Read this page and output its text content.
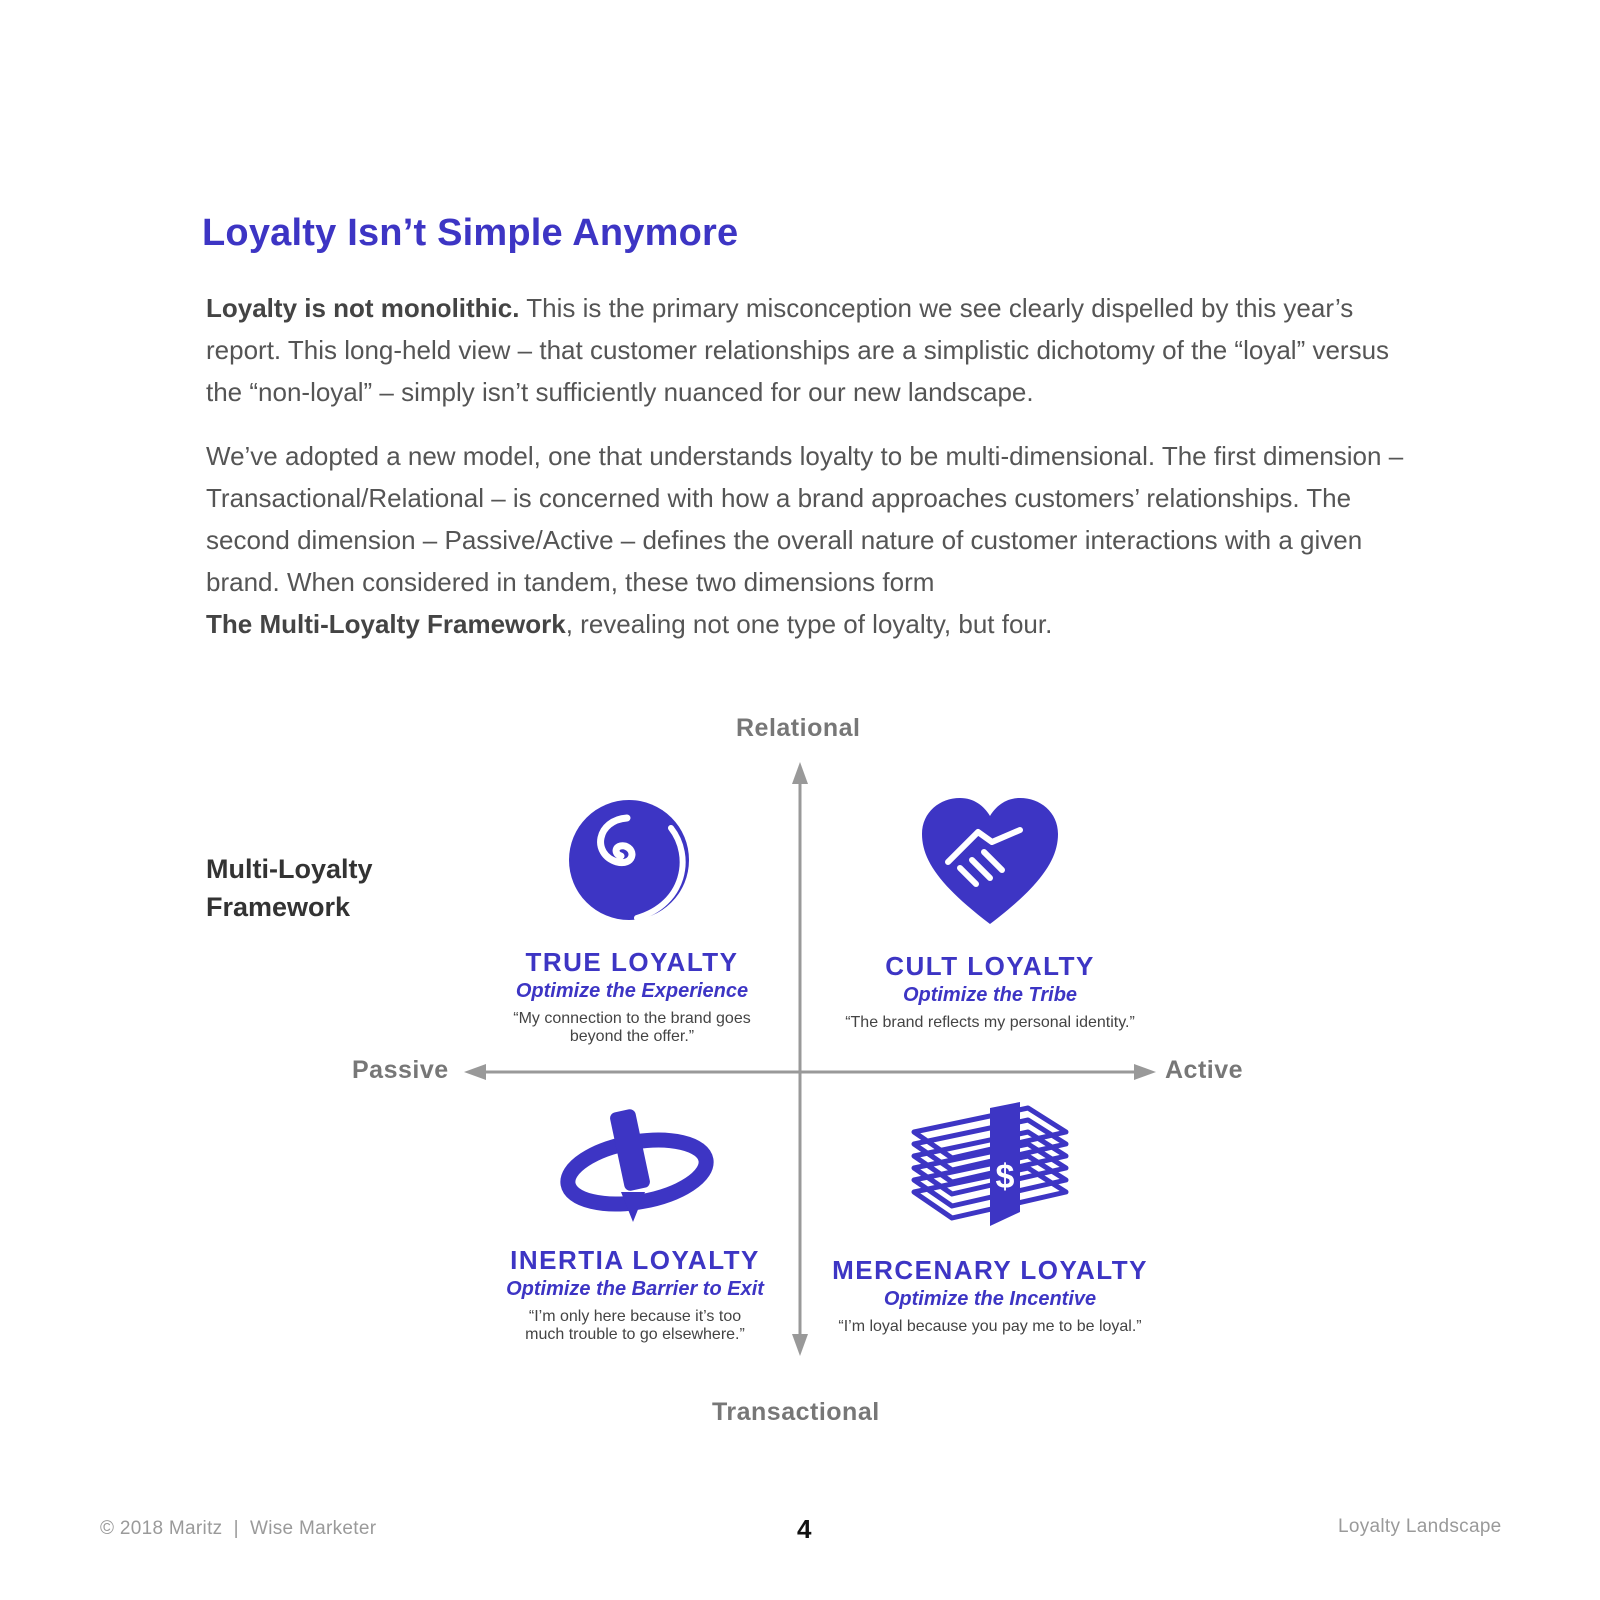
Loyalty Isn’t Simple Anymore
Loyalty is not monolithic. This is the primary misconception we see clearly dispelled by this year’s report. This long-held view – that customer relationships are a simplistic dichotomy of the “loyal” versus the “non-loyal” – simply isn’t sufficiently nuanced for our new landscape.
We’ve adopted a new model, one that understands loyalty to be multi-dimensional. The first dimension – Transactional/Relational – is concerned with how a brand approaches customers’ relationships. The second dimension – Passive/Active – defines the overall nature of customer interactions with a given brand. When considered in tandem, these two dimensions form
The Multi-Loyalty Framework, revealing not one type of loyalty, but four.
Multi-Loyalty
Framework
Relational
Transactional
Passive	Active
TRUE LOYALTY
Optimize the Experience
“My connection to the brand goes
beyond the offer.”
CULT LOYALTY
Optimize the Tribe
“The brand reflects my personal identity.”
INERTIA LOYALTY
Optimize the Barrier to Exit
“I’m only here because it’s too
much trouble to go elsewhere.”
$
MERCENARY LOYALTY
Optimize the Incentive
“I’m loyal because you pay me to be loyal.”
© 2018 Maritz  |  Wise Marketer	4	Loyalty Landscape
